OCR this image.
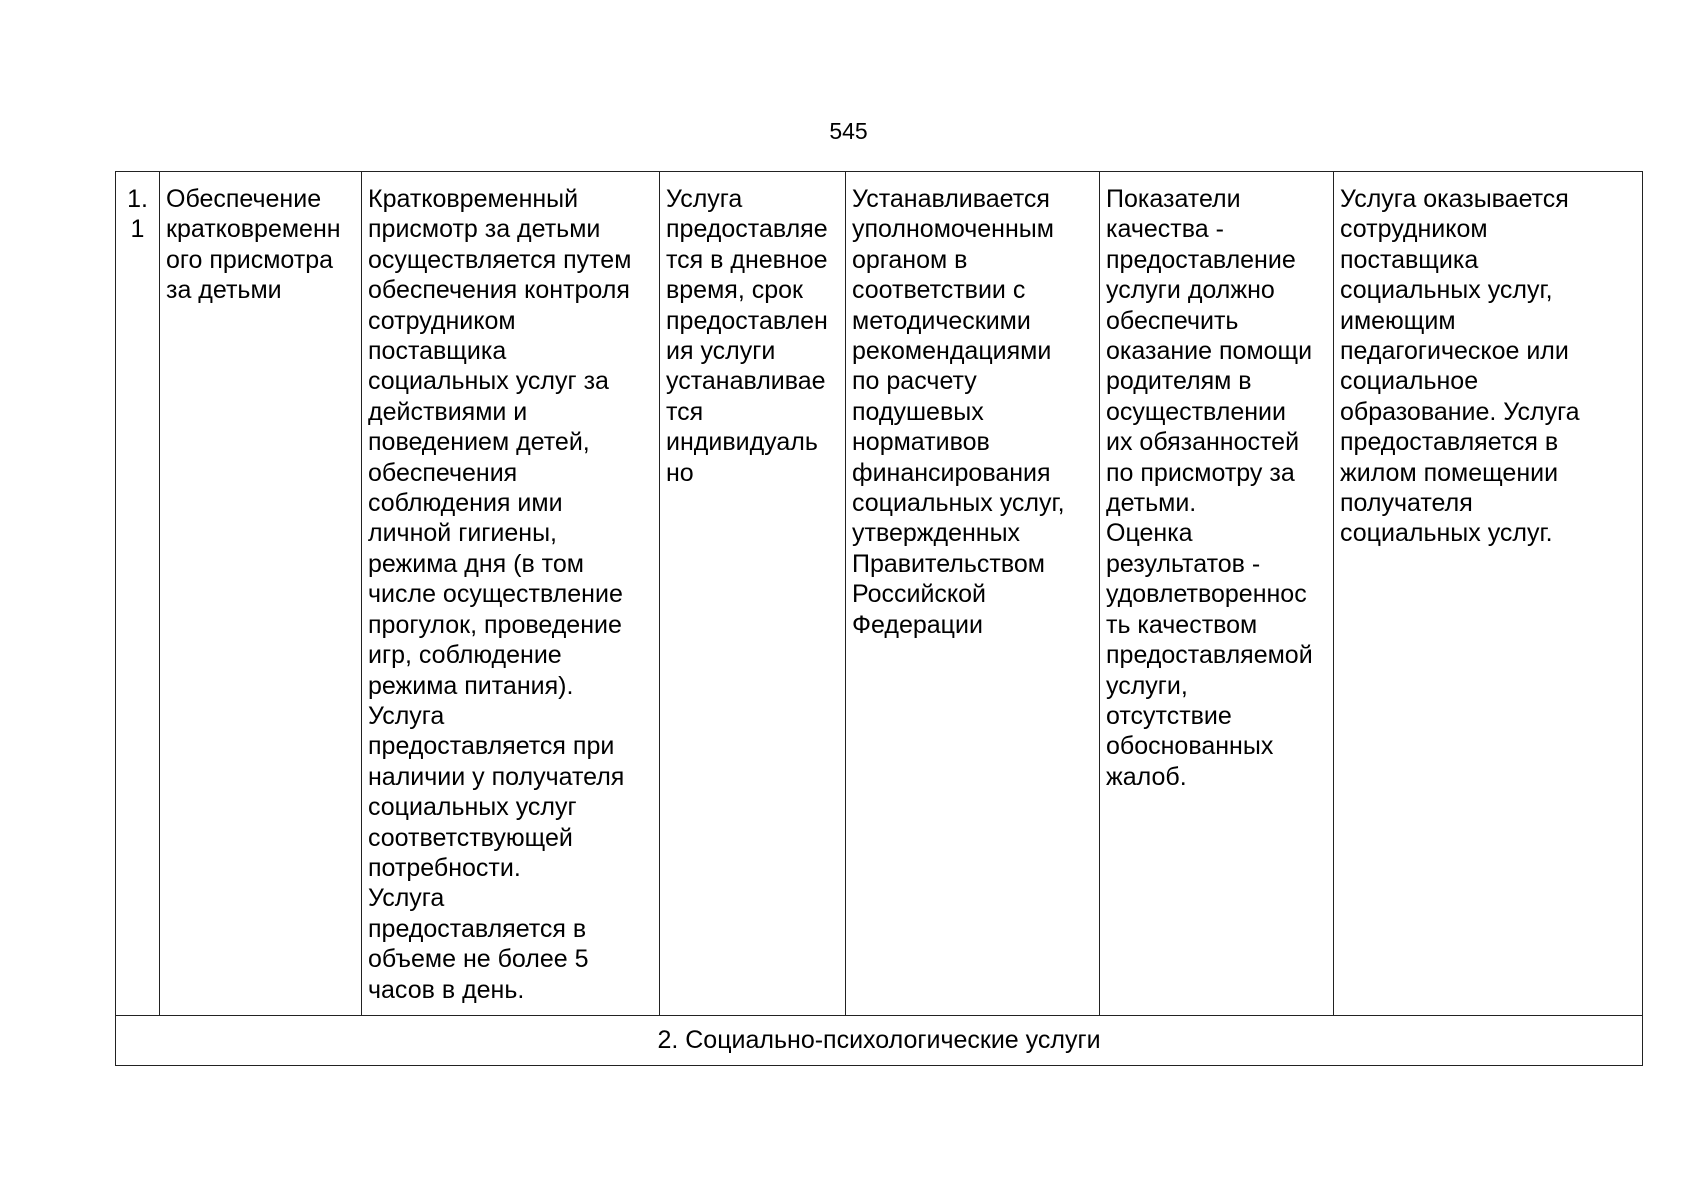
545
1.
1	Обеспечение
кратковременн
ого присмотра
за детьми	Кратковременный
присмотр за детьми
осуществляется путем
обеспечения контроля
сотрудником
поставщика
социальных услуг за
действиями и
поведением детей,
обеспечения
соблюдения ими
личной гигиены,
режима дня (в том
числе осуществление
прогулок, проведение
игр, соблюдение
режима питания).
Услуга
предоставляется при
наличии у получателя
социальных услуг
соответствующей
потребности.
Услуга
предоставляется в
объеме не более 5
часов в день.	Услуга
предоставляе
тся в дневное
время, срок
предоставлен
ия услуги
устанавливае
тся
индивидуаль
но	Устанавливается
уполномоченным
органом в
соответствии с
методическими
рекомендациями
по расчету
подушевых
нормативов
финансирования
социальных услуг,
утвержденных
Правительством
Российской
Федерации	Показатели
качества -
предоставление
услуги должно
обеспечить
оказание помощи
родителям в
осуществлении
их обязанностей
по присмотру за
детьми.
Оценка
результатов -
удовлетвореннос
ть качеством
предоставляемой
услуги,
отсутствие
обоснованных
жалоб.	Услуга оказывается
сотрудником
поставщика
социальных услуг,
имеющим
педагогическое или
социальное
образование. Услуга
предоставляется в
жилом помещении
получателя
социальных услуг.
2. Социально-психологические услуги
